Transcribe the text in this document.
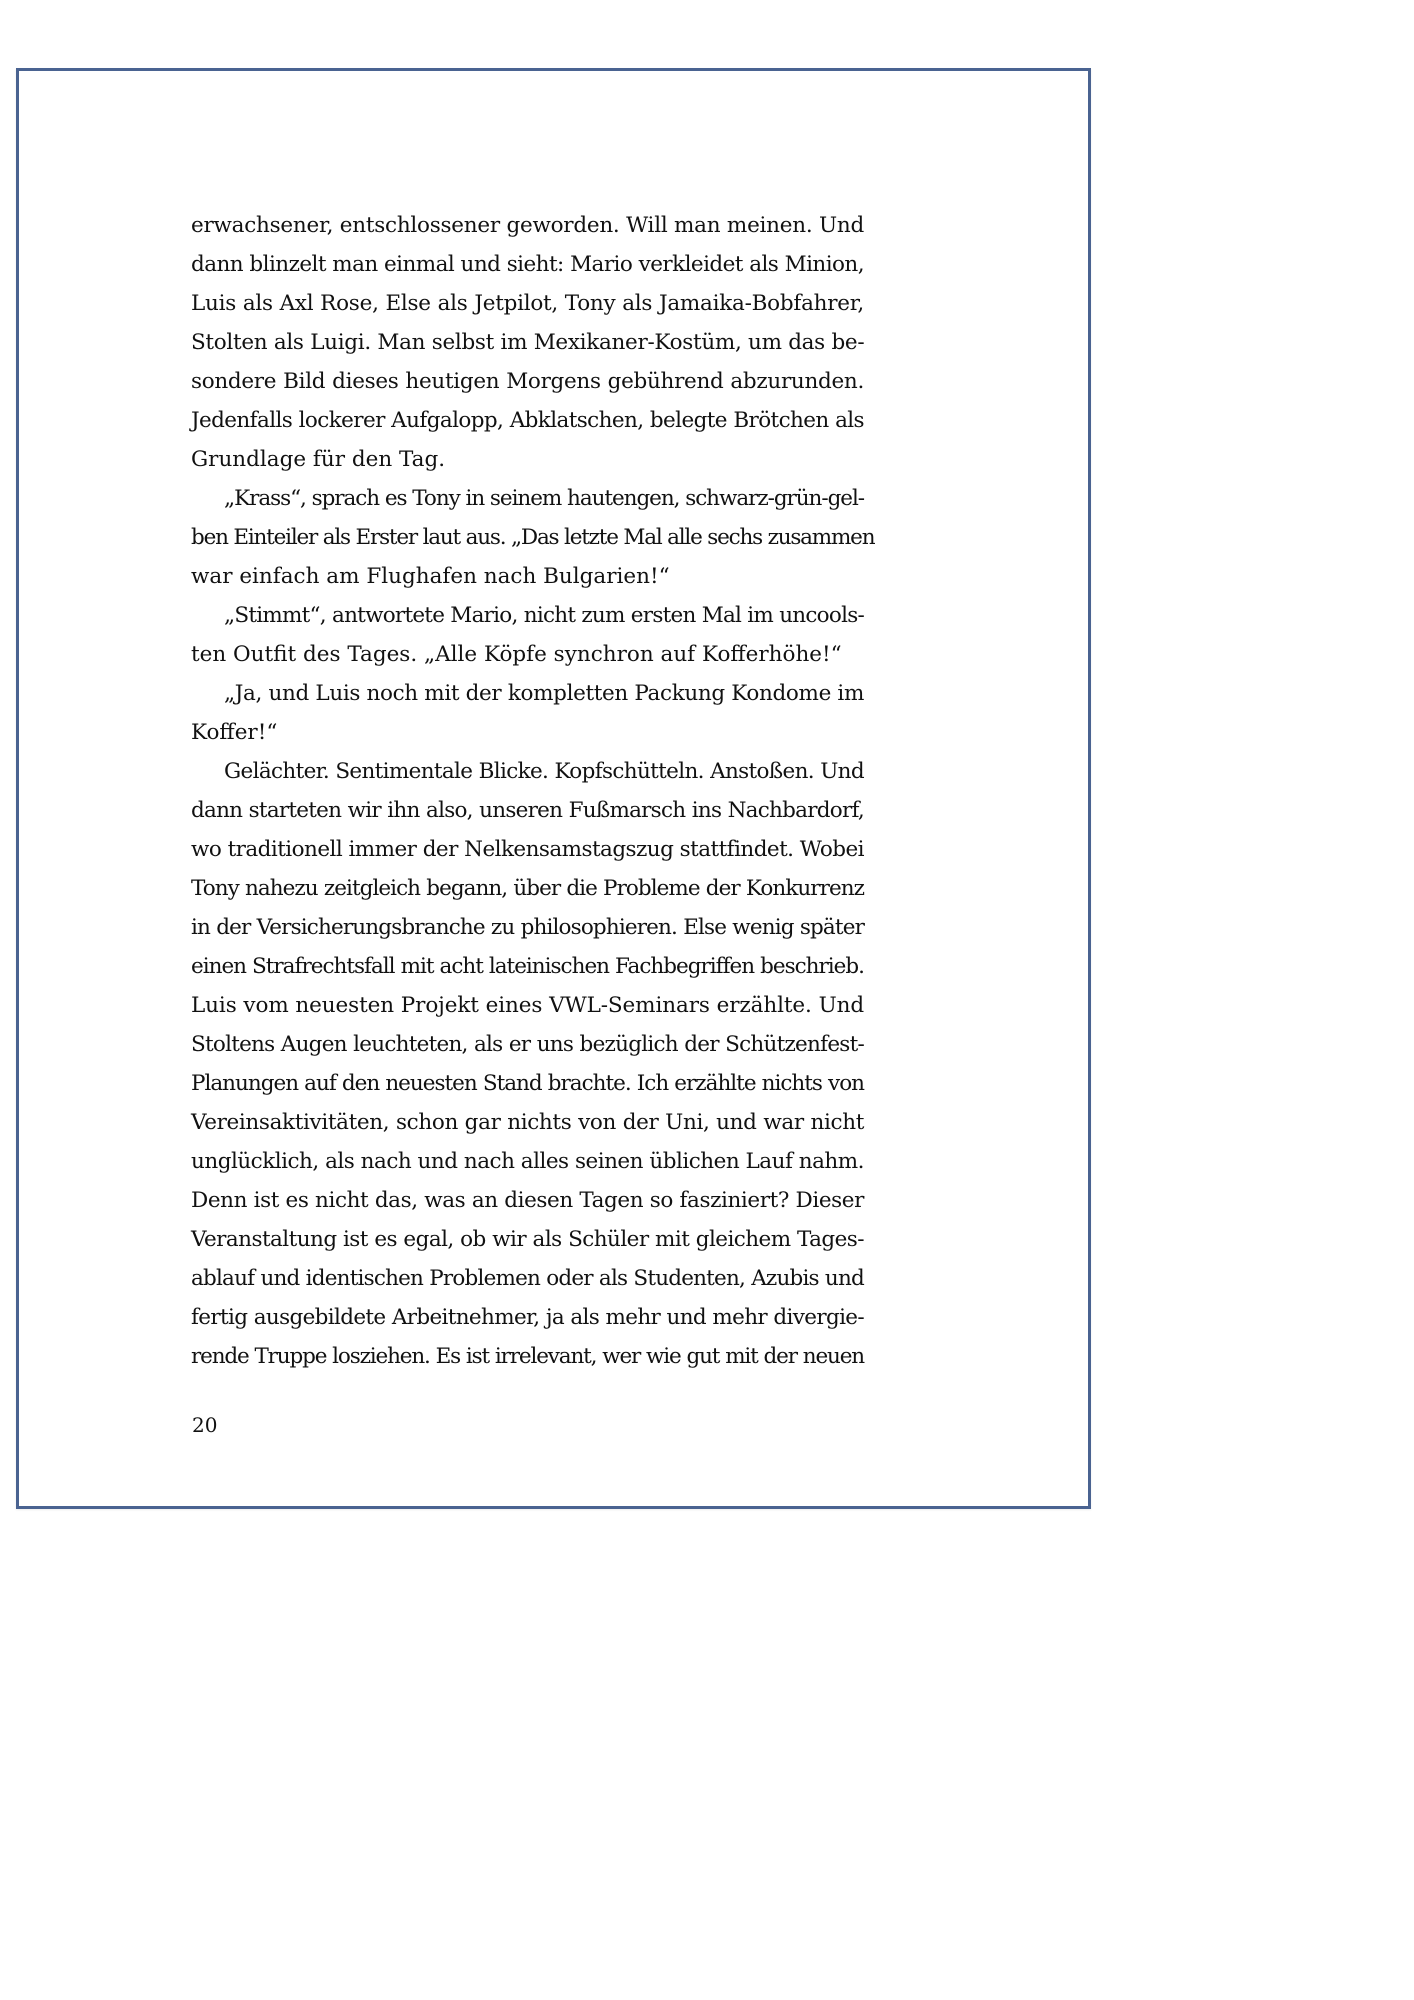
erwachsener, entschlossener geworden. Will man meinen. Und
dann blinzelt man einmal und sieht: Mario verkleidet als Minion,
Luis als Axl Rose, Else als Jetpilot, Tony als Jamaika-Bobfahrer,
Stolten als Luigi. Man selbst im Mexikaner-Kostüm, um das be-
sondere Bild dieses heutigen Morgens gebührend abzurunden.
Jedenfalls lockerer Aufgalopp, Abklatschen, belegte Brötchen als
Grundlage für den Tag.
„Krass“, sprach es Tony in seinem hautengen, schwarz-grün-gel-
ben Einteiler als Erster laut aus. „Das letzte Mal alle sechs zusammen
war einfach am Flughafen nach Bulgarien!“
„Stimmt“, antwortete Mario, nicht zum ersten Mal im uncools-
ten Outfit des Tages. „Alle Köpfe synchron auf Kofferhöhe!“
„Ja, und Luis noch mit der kompletten Packung Kondome im
Koffer!“
Gelächter. Sentimentale Blicke. Kopfschütteln. Anstoßen. Und
dann starteten wir ihn also, unseren Fußmarsch ins Nachbardorf,
wo traditionell immer der Nelkensamstagszug stattfindet. Wobei
Tony nahezu zeitgleich begann, über die Probleme der Konkurrenz
in der Versicherungsbranche zu philosophieren. Else wenig später
einen Strafrechtsfall mit acht lateinischen Fachbegriffen beschrieb.
Luis vom neuesten Projekt eines VWL-Seminars erzählte. Und
Stoltens Augen leuchteten, als er uns bezüglich der Schützenfest-
Planungen auf den neuesten Stand brachte. Ich erzählte nichts von
Vereinsaktivitäten, schon gar nichts von der Uni, und war nicht
unglücklich, als nach und nach alles seinen üblichen Lauf nahm.
Denn ist es nicht das, was an diesen Tagen so fasziniert? Dieser
Veranstaltung ist es egal, ob wir als Schüler mit gleichem Tages-
ablauf und identischen Problemen oder als Studenten, Azubis und
fertig ausgebildete Arbeitnehmer, ja als mehr und mehr divergie-
rende Truppe losziehen. Es ist irrelevant, wer wie gut mit der neuen
20
